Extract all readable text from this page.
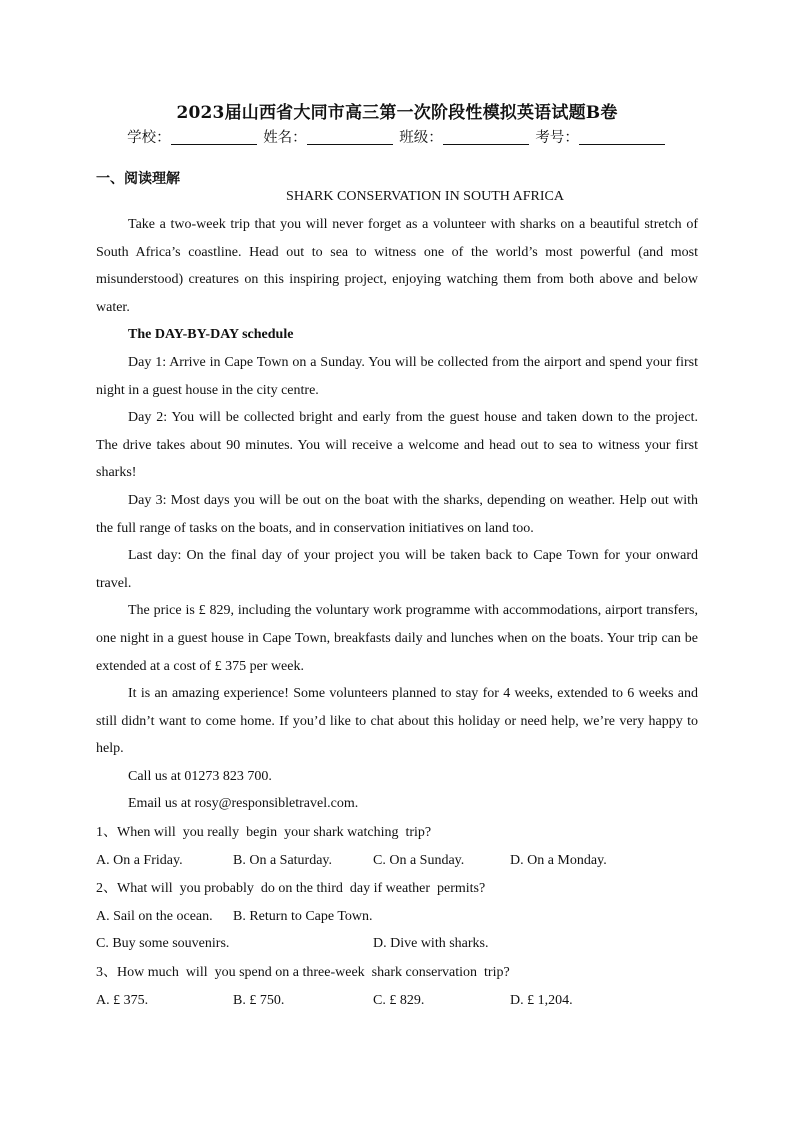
2023届山西省大同市高三第一次阶段性模拟英语试题B卷
学校：	姓名：	班级：	考号：
一、阅读理解
SHARK CONSERVATION IN SOUTH AFRICA

Take a two-week trip that you will never forget as a volunteer with sharks on a beautiful stretch of South Africa’s coastline. Head out to sea to witness one of the world’s most powerful (and most misunderstood) creatures on this inspiring project, enjoying watching them from both above and below water.

The DAY-BY-DAY schedule

Day 1: Arrive in Cape Town on a Sunday. You will be collected from the airport and spend your first night in a guest house in the city centre.

Day 2: You will be collected bright and early from the guest house and taken down to the project. The drive takes about 90 minutes. You will receive a welcome and head out to sea to witness your first sharks!

Day 3: Most days you will be out on the boat with the sharks, depending on weather. Help out with the full range of tasks on the boats, and in conservation initiatives on land too.

Last day: On the final day of your project you will be taken back to Cape Town for your onward travel.

The price is £ 829, including the voluntary work programme with accommodations, airport transfers, one night in a guest house in Cape Town, breakfasts daily and lunches when on the boats. Your trip can be extended at a cost of £ 375 per week.

It is an amazing experience! Some volunteers planned to stay for 4 weeks, extended to 6 weeks and still didn’t want to come home. If you’d like to chat about this holiday or need help, we’re very happy to help.

Call us at 01273 823 700.

Email us at rosy@responsibletravel.com.

1、When will  you really  begin  your shark watching  trip?

A. On a Friday.	B. On a Saturday.	C. On a Sunday.	D. On a Monday.

2、What will  you probably  do on the third  day if weather  permits?

A. Sail on the ocean.	B. Return to Cape Town.
C. Buy some souvenirs.	D. Dive with sharks.

3、How much  will  you spend on a three-week  shark conservation  trip?

A. £ 375.	B. £ 750.	C. £ 829.	D. £ 1,204.
